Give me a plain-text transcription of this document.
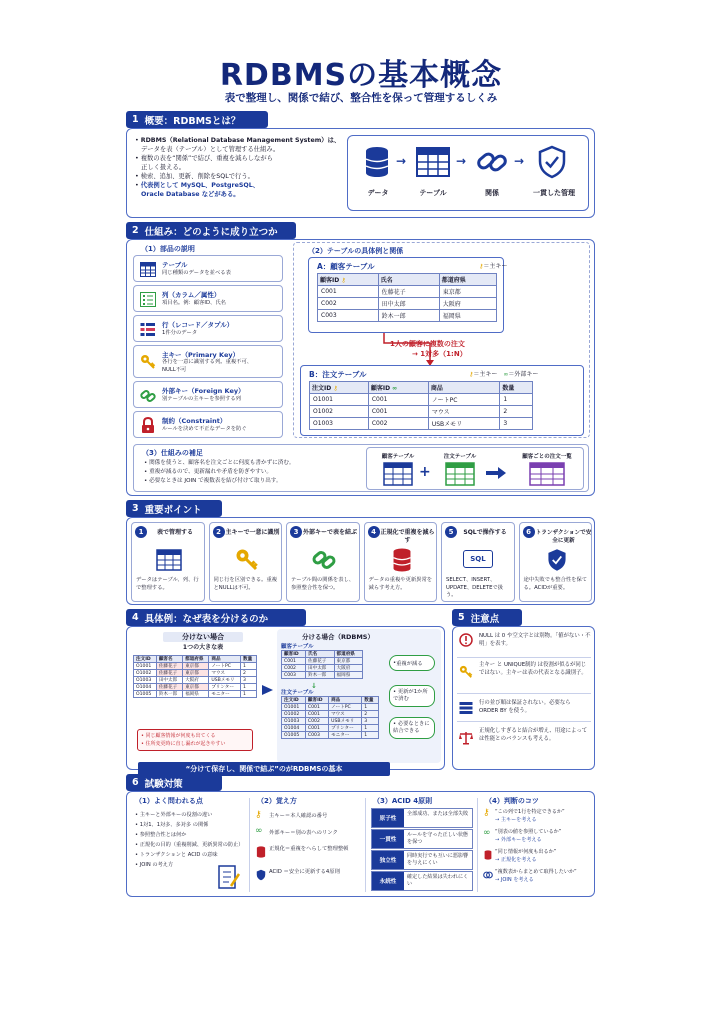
RDBMSの基本概念
表で整理し、関係で結び、整合性を保って管理するしくみ
1 概要：RDBMSとは？
• RDBMS（Relational Database Management System）は、
データを表（テーブル）として管理する仕組み。
• 複数の表を“関係”で結び、重複を減らしながら
正しく扱える。
• 検索、追加、更新、削除をSQLで行う。
• 代表例として MySQL、PostgreSQL、
Oracle Database などがある。
→	→	→
データ	テーブル	関係	一貫した管理
2 仕組み：どのように成り立つか
（1）部品の説明
テーブル
同じ種類のデータを並べる表
列（カラム／属性）
項目名。例：顧客ID、氏名
行（レコード／タプル）
1件分のデータ
主キー（Primary Key）
各行を一意に識別する列。重複不可、NULL不可
外部キー（Foreign Key）
別テーブルの主キーを参照する列
制約（Constraint）
ルールを決めて不正なデータを防ぐ
（2）テーブルの具体例と関係
A：顧客テーブル	⚷＝主キー
顧客ID ⚷	氏名	都道府県
C001	佐藤花子	東京都
C002	田中太郎	大阪府
C003	鈴木一郎	福岡県
1人の顧客に複数の注文
→ 1対多（1:N）
B：注文テーブル	⚷＝主キー ∞＝外部キー
注文ID ⚷	顧客ID ∞	商品	数量
O1001	C001	ノートPC	1
O1002	C001	マウス	2
O1003	C002	USBメモリ	3
（3）仕組みの補足
• 関係を使うと、顧客名を注文ごとに何度も書かずに済む。
• 重複が減るので、更新漏れや矛盾を防ぎやすい。
• 必要なときは JOIN で複数表を結び付けて取り出す。
顧客テーブル	注文テーブル	顧客ごとの注文一覧
+
3 重要ポイント
1	表で管理する
データはテーブル、列、行で整理する。
2 主キーで一意に識別
同じ行を区別できる。重複とNULLは不可。
3 外部キーで表を結ぶ
テーブル間の関係を表し、参照整合性を保つ。
4 正規化で重複を減らす
データの重複や更新異常を減らす考え方。
5	SQLで操作する
SQL
SELECT、INSERT、UPDATE、DELETEで扱う。
6 トランザクションで安全に更新
途中失敗でも整合性を保てる。ACIDが重要。
4 具体例：なぜ表を分けるのか
分けない場合
1つの大きな表
注文ID	顧客名	都道府県	商品	数量
O1001	佐藤花子	東京都	ノートPC	1
O1002	佐藤花子	東京都	マウス	2
O1003	田中太郎	大阪府	USBメモリ	3
O1004	佐藤花子	東京都	プリンター	1
O1005	鈴木一郎	福岡県	モニター	1
• 同じ顧客情報が何度も出てくる
• 住所変更時に直し漏れが起きやすい
分ける場合（RDBMS）
顧客テーブル
顧客ID	氏名	都道府県
C001	佐藤花子	東京都
C002	田中太郎	大阪府
C003	鈴木一郎	福岡県
↓
注文テーブル
注文ID	顧客ID	商品	数量
O1001	C001	ノートPC	1
O1002	C001	マウス	2
O1003	C002	USBメモリ	3
O1004	C001	プリンター	1
O1005	C003	モニター	1
• 重複が減る
• 更新が1か所で済む
• 必要なときに結合できる
“分けて保存し、関係で結ぶ”のがRDBMSの基本
5 注意点
NULL は 0 や空文字とは別物。「値がない・不明」を表す。
主キー と UNIQUE制約 は役割が似るが同じではない。主キーは表の代表となる識別子。
行の並び順は保証されない。必要なら ORDER BY を使う。
正規化しすぎると結合が増え、用途によっては性能とのバランスも考える。
6 試験対策
（1）よく問われる点
• 主キーと外部キーの役割の違い
• 1対1、1対多、多対多 の関係
• 参照整合性とは何か
• 正規化の目的（重複削減、更新異常の防止）
• トランザクションと ACID の意味
• JOIN の考え方
（2）覚え方
⚷ 主キー＝本人確認の番号
∞ 外部キー＝別の表へのリンク
正規化＝重複をへらして整理整頓
ACID ＝安全に更新する4原則
（3）ACID 4原則
原子性
全部成功、または全部失敗
一貫性
ルールを守った正しい状態を保つ
独立性
同時実行でも互いに悪影響を与えにくい
永続性
確定した結果は失われにくい
（4）判断のコツ
⚷ “この列で1行を特定できるか”
→ 主キーを考える
∞ “別表の値を参照しているか”
→ 外部キーを考える
“同じ情報が何度も出るか”
→ 正規化を考える
“複数表からまとめて取得したいか”
→ JOIN を考える
